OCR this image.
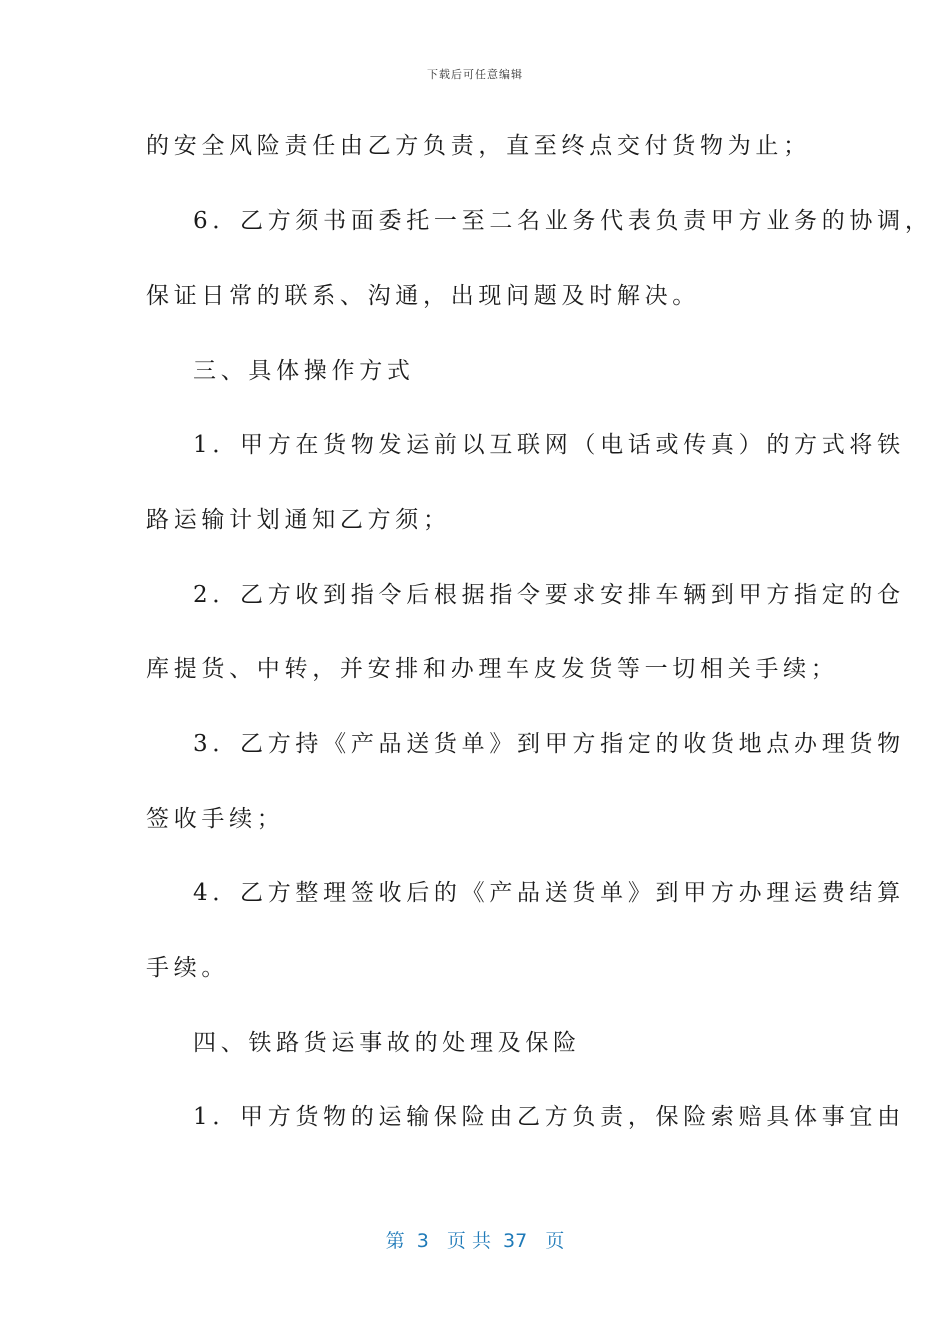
下载后可任意编辑
的安全风险责任由乙方负责，直至终点交付货物为止；
6．乙方须书面委托一至二名业务代表负责甲方业务的协调，
保证日常的联系、沟通，出现问题及时解决。
三、具体操作方式
1．甲方在货物发运前以互联网（电话或传真）的方式将铁
路运输计划通知乙方须；
2．乙方收到指令后根据指令要求安排车辆到甲方指定的仓
库提货、中转，并安排和办理车皮发货等一切相关手续；
3．乙方持《产品送货单》到甲方指定的收货地点办理货物
签收手续；
4．乙方整理签收后的《产品送货单》到甲方办理运费结算
手续。
四、铁路货运事故的处理及保险
1．甲方货物的运输保险由乙方负责，保险索赔具体事宜由
第  3   页 共  37   页
